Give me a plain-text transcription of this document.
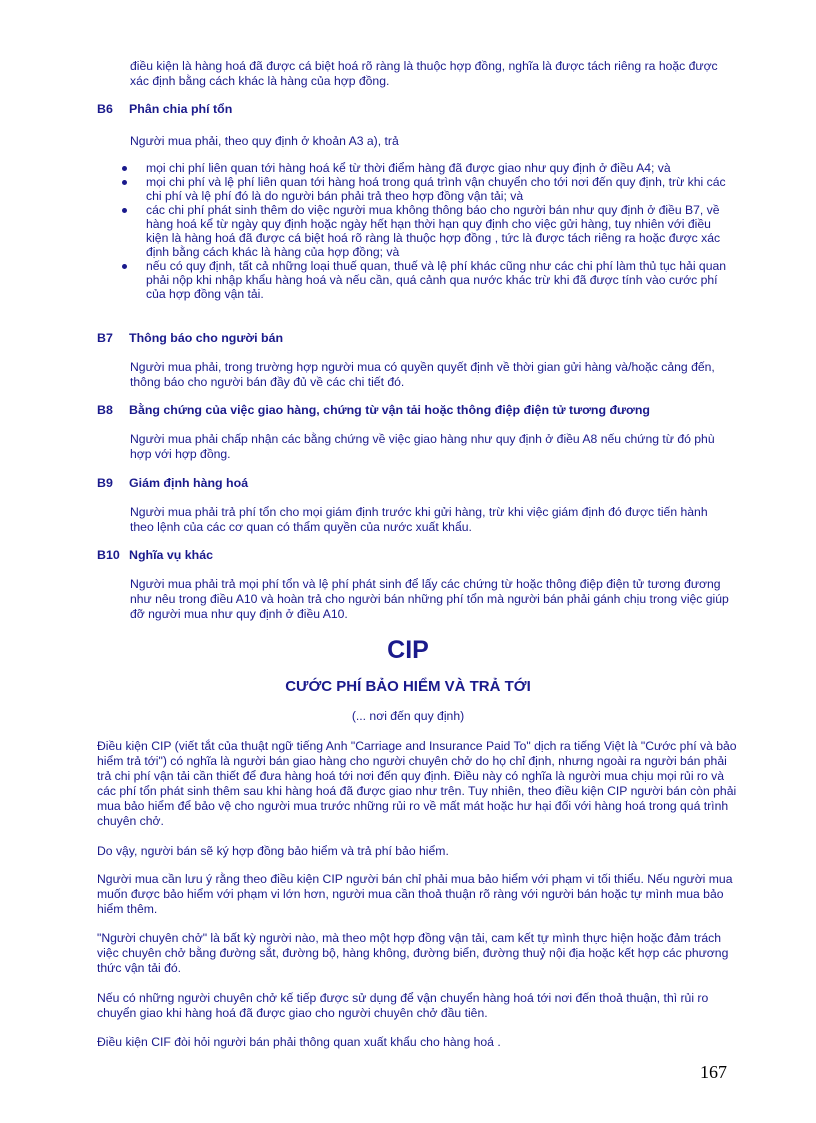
điều kiện là hàng hoá đã được cá biệt hoá rõ ràng là thuộc hợp đồng, nghĩa là được tách riêng ra hoặc được xác định bằng cách khác là hàng của hợp đồng.

B6 Phân chia phí tổn

Người mua phải, theo quy định ở khoản A3 a), trả

mọi chi phí liên quan tới hàng hoá kể từ thời điểm hàng đã được giao như quy định ở điều A4; và
mọi chi phí và lệ phí liên quan tới hàng hoá trong quá trình vận chuyển cho tới nơi đến quy định, trừ khi các chi phí và lệ phí đó là do người bán phải trả theo hợp đồng vận tải; và
các chi phí phát sinh thêm do việc người mua không thông báo cho người bán như quy định ở điều B7, về hàng hoá kể từ ngày quy định hoặc ngày hết hạn thời hạn quy định cho việc gửi hàng, tuy nhiên với điều kiện là hàng hoá đã được cá biệt hoá rõ ràng là thuộc hợp đồng , tức là được tách riêng ra hoặc được xác định bằng cách khác là hàng của hợp đồng; và
nếu có quy định, tất cả những loại thuế quan, thuế và lệ phí khác cũng như các chi phí làm thủ tục hải quan phải nộp khi nhập khẩu hàng hoá và nếu cần, quá cảnh qua nước khác trừ khi đã được tính vào cước phí của hợp đồng vận tải.
B7 Thông báo cho người bán

Người mua phải, trong trường hợp người mua có quyền quyết định về thời gian gửi hàng và/hoặc cảng đến, thông báo cho người bán đầy đủ về các chi tiết đó.

B8 Bằng chứng của việc giao hàng, chứng từ vận tải hoặc thông điệp điện tử tương đương

Người mua phải chấp nhận các bằng chứng về việc giao hàng như quy định ở điều A8 nếu chứng từ đó phù hợp với hợp đồng.

B9 Giám định hàng hoá

Người mua phải trả phí tổn cho mọi giám định trước khi gửi hàng, trừ khi việc giám định đó được tiến hành theo lệnh của các cơ quan có thẩm quyền của nước xuất khẩu.

B10 Nghĩa vụ khác

Người mua phải trả mọi phí tổn và lệ phí phát sinh để lấy các chứng từ hoặc thông điệp điện tử tương đương như nêu trong điều A10 và hoàn trả cho người bán những phí tổn mà người bán phải gánh chịu trong việc giúp đỡ người mua như quy định ở điều A10.

CIP
CƯỚC PHÍ BẢO HIỂM VÀ TRẢ TỚI
(... nơi đến quy định)

Điều kiện CIP (viết tắt của thuật ngữ tiếng Anh "Carriage and Insurance Paid To" dịch ra tiếng Việt là "Cước phí và bảo hiểm trả tới") có nghĩa là người bán giao hàng cho người chuyên chở do họ chỉ định, nhưng ngoài ra người bán phải trả chi phí vận tải cần thiết để đưa hàng hoá tới nơi đến quy định. Điều này có nghĩa là người mua chịu mọi rủi ro và các phí tổn phát sinh thêm sau khi hàng hoá đã được giao như trên. Tuy nhiên, theo điều kiện CIP người bán còn phải mua bảo hiểm để bảo vệ cho người mua trước những rủi ro về mất mát hoặc hư hại đối với hàng hoá trong quá trình chuyên chở.

Do vậy, người bán sẽ ký hợp đồng bảo hiểm và trả phí bảo hiểm.

Người mua cần lưu ý rằng theo điều kiện CIP người bán chỉ phải mua bảo hiểm với phạm vi tối thiểu. Nếu người mua muốn được bảo hiểm với phạm vi lớn hơn, người mua cần thoả thuận rõ ràng với người bán hoặc tự mình mua bảo hiểm thêm.

"Người chuyên chở" là bất kỳ người nào, mà theo một hợp đồng vận tải, cam kết tự mình thực hiện hoặc đảm trách việc chuyên chở bằng đường sắt, đường bộ, hàng không, đường biển, đường thuỷ nội địa hoặc kết hợp các phương thức vận tải đó.

Nếu có những người chuyên chở kế tiếp được sử dụng để vận chuyển hàng hoá tới nơi đến thoả thuận, thì rủi ro chuyển giao khi hàng hoá đã được giao cho người chuyên chở đầu tiên.

Điều kiện CIF đòi hỏi người bán phải thông quan xuất khẩu cho hàng hoá .

167
